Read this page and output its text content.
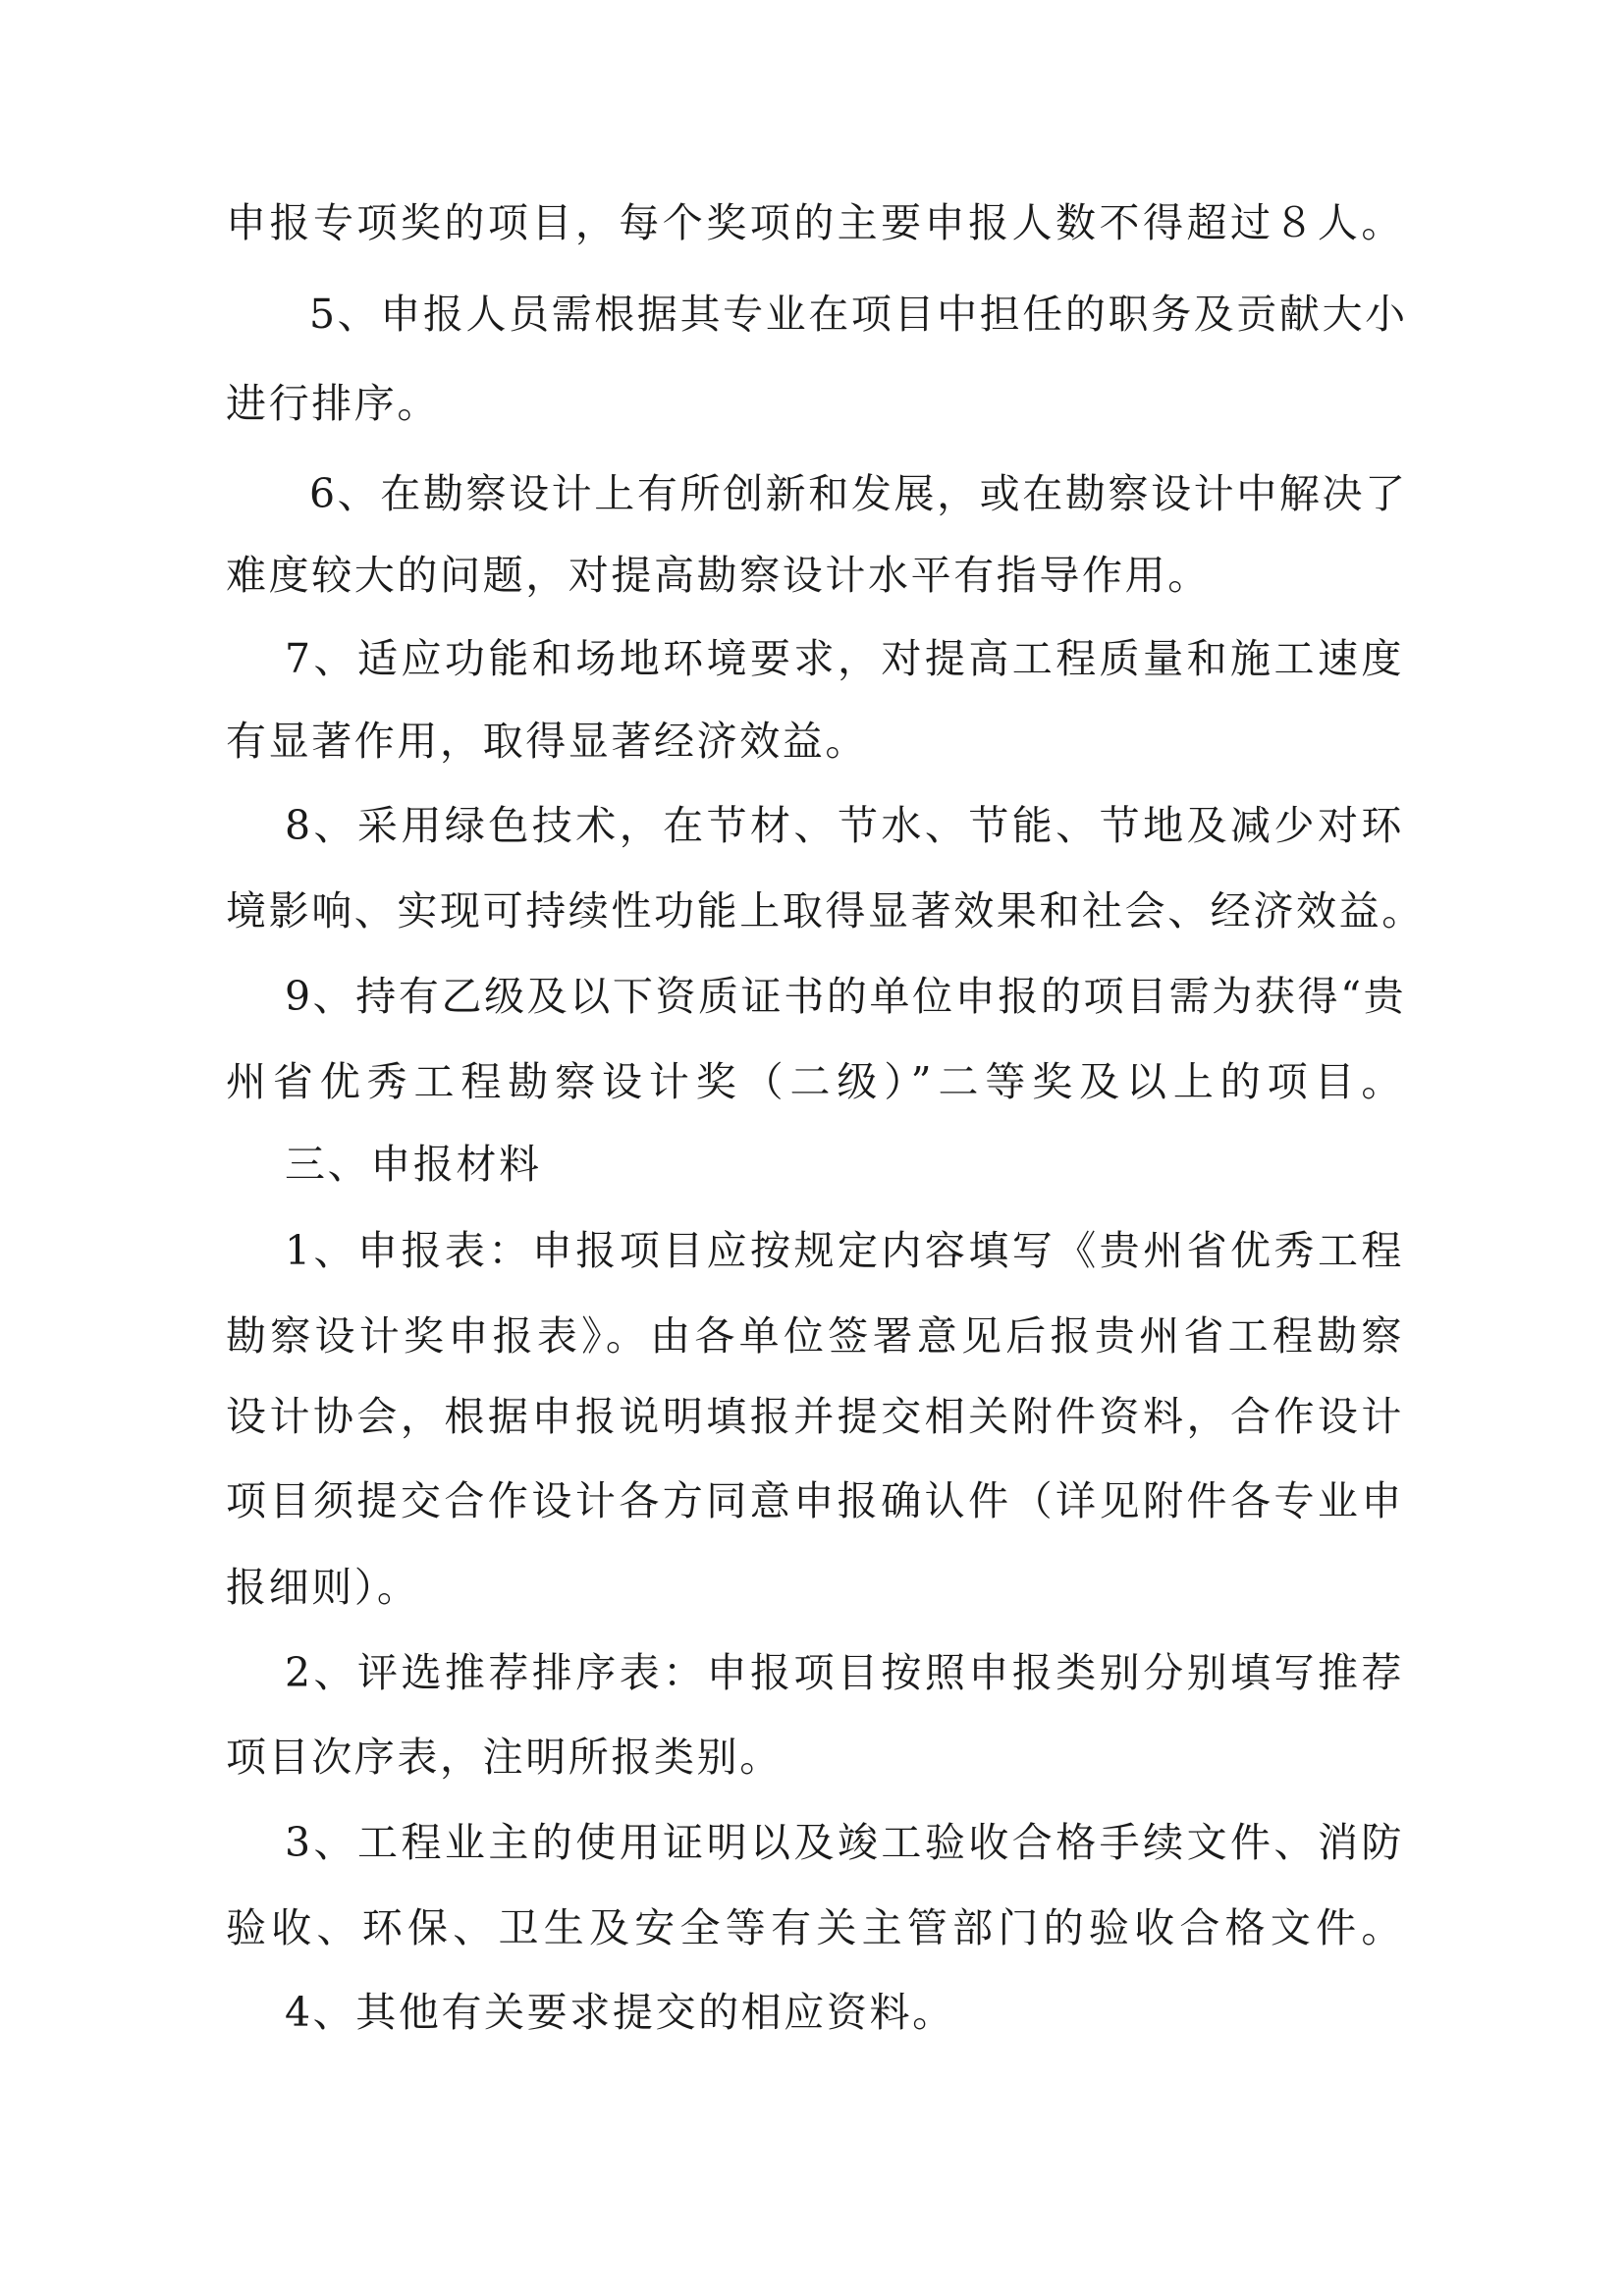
申报专项奖的项目，每个奖项的主要申报人数不得超过８人。
5、申报人员需根据其专业在项目中担任的职务及贡献大小
进行排序。
6、在勘察设计上有所创新和发展，或在勘察设计中解决了
难度较大的问题，对提高勘察设计水平有指导作用。
7、适应功能和场地环境要求，对提高工程质量和施工速度
有显著作用，取得显著经济效益。
8、采用绿色技术，在节材、节水、节能、节地及减少对环
境影响、实现可持续性功能上取得显著效果和社会、经济效益。
9、持有乙级及以下资质证书的单位申报的项目需为获得“贵
州省优秀工程勘察设计奖（二级）”二等奖及以上的项目。
三、申报材料
1、申报表：申报项目应按规定内容填写《贵州省优秀工程
勘察设计奖申报表》。由各单位签署意见后报贵州省工程勘察
设计协会，根据申报说明填报并提交相关附件资料，合作设计
项目须提交合作设计各方同意申报确认件（详见附件各专业申
报细则）。
2、评选推荐排序表：申报项目按照申报类别分别填写推荐
项目次序表，注明所报类别。
3、工程业主的使用证明以及竣工验收合格手续文件、消防
验收、环保、卫生及安全等有关主管部门的验收合格文件。
4、其他有关要求提交的相应资料。
